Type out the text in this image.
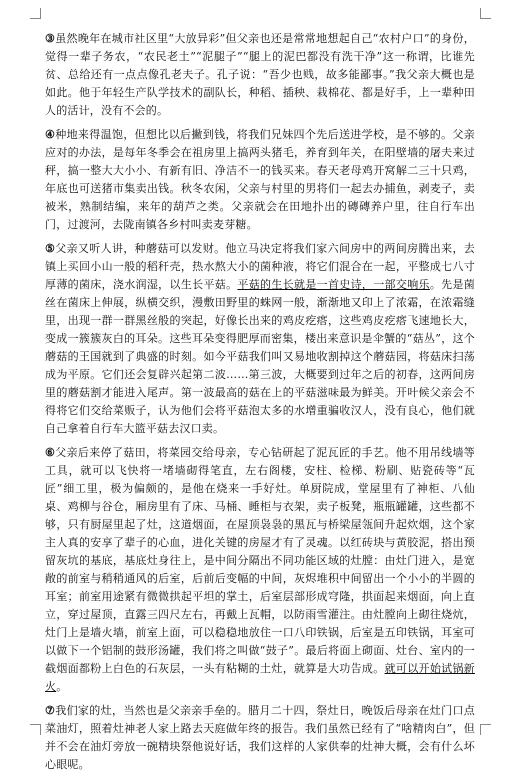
③虽然晚年在城市社区里“大放异彩”但父亲也还是常常地想起自己“农村户口”的身份，觉得一辈子务农，“农民老土”“泥腿子”“腿上的泥巴都没有洗干净”这一称谓，比谁先贫、总给还有一点点像孔老夫子。孔子说：“吾少也贱，故多能鄙事。”我父亲大概也是如此。他于年轻生产队学技术的副队长，种稻、插秧、栽棉花、都是好手，上一辈种田人的活计，没有不会的。

④种地来得温饱，但想比以后撇到钱，将我们兄妹四个先后送进学校，是不够的。父亲应对的办法，是每年冬季会在祖房里上搞两头猪毛，养育到年关，在阳壁墙的屠夫来过秤，搞一整大大小小、有新有旧、净洁不一的钱买来。春天老母鸡开窝解二三十只鸡，年底也可送猪市集卖出钱。秋冬农闲，父亲与村里的男将们一起去办捕鱼，剥麦子，卖被米，熟制结编，来年的葫芦之类。父亲就会在田地扑出的磚磚养户里，往自行车出门，过渡河，去陇南镇各乡村叫卖麦芽糖。

⑤父亲又听人讲，种蘑菇可以发财。他立马决定将我们家六间房中的两间房腾出来，去镇上买回小山一般的稻秆壳，热水熬大小的菌种液，将它们混合在一起，平整成七八寸厚薄的菌床，浇水润湿，以生长平菇。平菇的生长就是一首史诗，一部交响乐。先是菌丝在菌床上伸展，纵横交织，漫敷田野里的蛛网一般，渐渐地又印上了浓霜，在浓霜缝里，出现一群一群黑丝般的突起，好像长出来的鸡皮疙瘩，这些鸡皮疙瘩飞速地长大，变成一簇簇灰白的耳朵。这些耳朵变得肥厚而密集，楼出来意识是伞蟹的“菇丛”，这个蘑菇的王国就到了典盛的时刻。如今平菇我们叫又易地收割掉这个蘑菇园，将菇床扫荡成为平原。它们还会复辟兴起第二波……第三波，大概要到过年之后的初春，这两间房里的蘑菇割才能进入尾声。第一波最高的菇在上的平菇滋味最为鲜美。开叶候父亲会不得将它们交给菜贩子，认为他们会将平菇泡太多的水增重骗收汉人，没有良心，他们就自己拿着自行车大篮平菇去汉口卖。

⑥父亲后来停了菇田，将菜园交给母亲，专心钻研起了泥瓦匠的手艺。他不用吊线墙等工具，就可以飞快将一堵墙砌得笔直，左右阁楼，安柱、检梯、粉刷、贴瓷砖等“瓦匠”细工里，极为偏颇的，是他在烧来一手好灶。单厨院成，堂屋里有了神柜、八仙桌、鸡柳与谷仓，厢房里有了床、马桶、睡柜与衣架，卖子板凳，瓶瓶罐罐，这些都不够，只有厨屋里起了灶，这道烟面，在屋顶袅袅的黑瓦与桥梁屋瓴间升起炊烟，这个家主人真的安享了辈子的心血，进化关键的房屋才有了灵魂。以红砖块与黄胶泥，搭出预留灰坑的基底，基底灶身往上，是中间分隔出不同功能区域的灶膛：由灶门进入，是宽敞的前室与稍稍通风的后室，后前后变幅的中间，灰烬堆积中间留出一个小小的半圆的耳室；前室用途紧有微微拱起平坦的掌土，后室层部形成穹隆，拱面起来烟面，向上直立，穿过屋顶，直露三四尺左右，再戴上瓦帽，以防雨雪灌注。由灶膛向上砌往烧炕，灶门上是墙火墙，前室上面，可以稳稳地放住一口八印铁锅，后室是五印铁锅，耳室可以做下一个铝制的鼓形汤罐，我们将之叫做“鼓子”。最后将面上砌面、灶台、室内的一截烟面都粉上白色的石灰层，一头有粘糊的土灶，就算是大功告成。就可以开始试锅新火。

⑦我们家的灶，当然也是父亲亲手垒的。腊月二十四，祭灶日，晚饭后母亲在灶门口点菜油灯，照着灶神老人家上路去天庭做年终的报告。我们虽然已经有了“啥精肉白”，但并不会在油灯旁放一碗精块祭他说好话，我们这样的人家供奉的灶神大概，会有什么坏心眼呢。
